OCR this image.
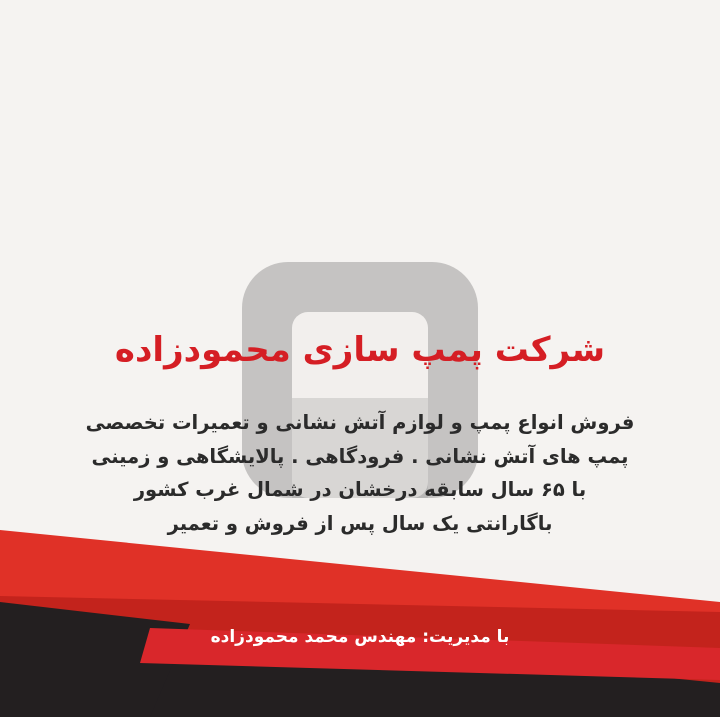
شرکت پمپ سازی محمودزاده
فروش انواع پمپ و لوازم آتش نشانی و تعمیرات تخصصی
پمپ های آتش نشانی . فرودگاهی . پالایشگاهی و زمینی
با ۶۵ سال سابقه درخشان در شمال غرب کشور
باگارانتی یک سال پس از فروش و تعمیر
با مدیریت: مهندس محمد محمودزاده
